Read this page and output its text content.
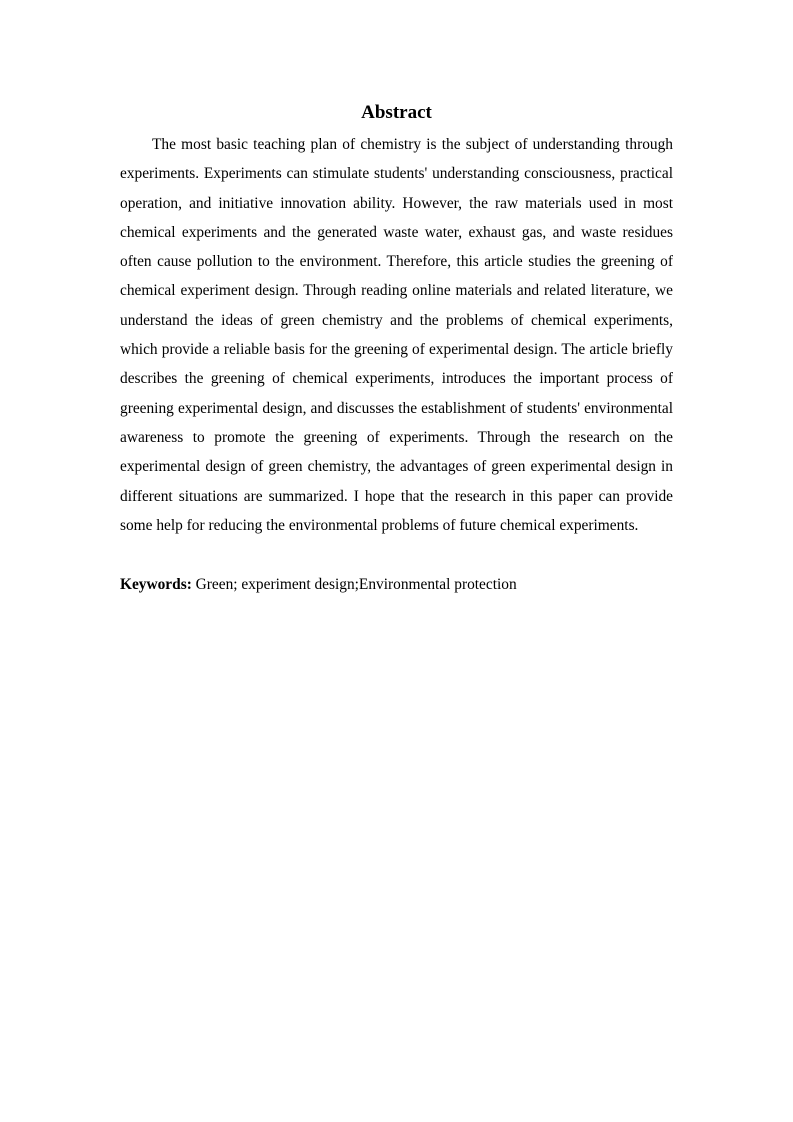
Abstract

The most basic teaching plan of chemistry is the subject of understanding through experiments. Experiments can stimulate students' understanding consciousness, practical operation, and initiative innovation ability. However, the raw materials used in most chemical experiments and the generated waste water, exhaust gas, and waste residues often cause pollution to the environment. Therefore, this article studies the greening of chemical experiment design. Through reading online materials and related literature, we understand the ideas of green chemistry and the problems of chemical experiments, which provide a reliable basis for the greening of experimental design. The article briefly describes the greening of chemical experiments, introduces the important process of greening experimental design, and discusses the establishment of students' environmental awareness to promote the greening of experiments. Through the research on the experimental design of green chemistry, the advantages of green experimental design in different situations are summarized. I hope that the research in this paper can provide some help for reducing the environmental problems of future chemical experiments.

Keywords: Green; experiment design;Environmental protection
